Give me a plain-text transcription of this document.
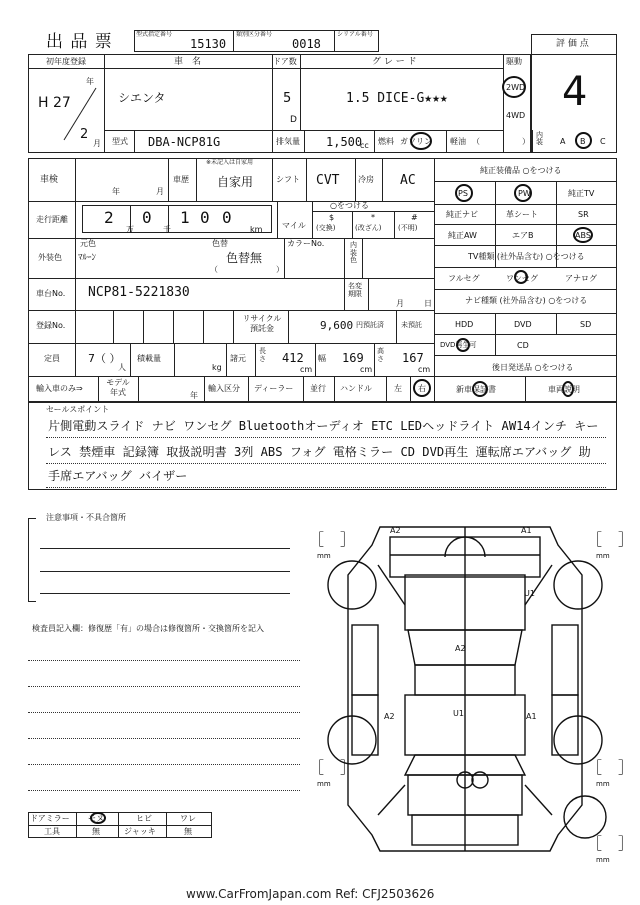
出 品 票	型式指定番号
15130
類別区分番号
0018
シリアル番号
評 価 点
4
初年度登録
H 27
年
2
月
車　名
シエンタ
ドア数
5
D
グ レ ー ド
1.5 DICE-G★★★
駆動
2WD
4WD
型式 DBA-NCP81G	排気量 1,500
cc 燃料 ガソリン 軽油 （	）
内装	A B C
車検
年	月
車歴
※未記入は自家用
自家用	シフト CVT 冷房 AC
走行距離 2
万
0
千
1 0 0
km マイル
○をつける
$
(交換)
*
(改ざん)
#
(不明)
外装色
元色
ﾏﾙｰﾝ
色替
色替無
（	）
カラーNo.	内装色
車台No. NCP81-5221830	名変期限
月	日
登録No.
リサイクル預託金	9,600 円預託済 未預託
定員	7（ ）
人
積載量
kg
諸元
長さ 412
cm
幅 169
cm
高さ 167
cm
輸入車のみ⇒
モデル年式	年
輸入区分 ディーラー 並行 ハンドル	左 右
純正装備品 ○をつける
PS	PW	純正TV
純正ナビ	革シート	SR
純正AW	エアB	ABS
TV種類 (社外品含む) ○をつける
フルセグ	ワンセグ	アナログ
ナビ種類 (社外品含む) ○をつける
HDD	DVD	SD
DVD再生可	CD
後日発送品 ○をつける
新車保証書	車両説明
セールスポイント
片側電動スライド ナビ ワンセグ Bluetoothオーディオ ETC LEDヘッドライト AW14インチ キー
レス 禁煙車 記録簿 取扱説明書 3列 ABS フォグ 電格ミラー CD DVD再生 運転席エアバッグ 助
手席エアバッグ バイザー
注意事項・不具合箇所
検査員記入欄：修復歴「有」の場合は修復箇所・交換箇所を記入
ドアミラー モヌ	ヒビ	ワレ
工具	無	ジャッキ	無
A2	A1
U1
A2
A2	U1	A1
［　］
mm
［　］
mm
［　］
mm
［　］
mm
［　］
mm
www.CarFromJapan.com Ref: CFJ2503626
